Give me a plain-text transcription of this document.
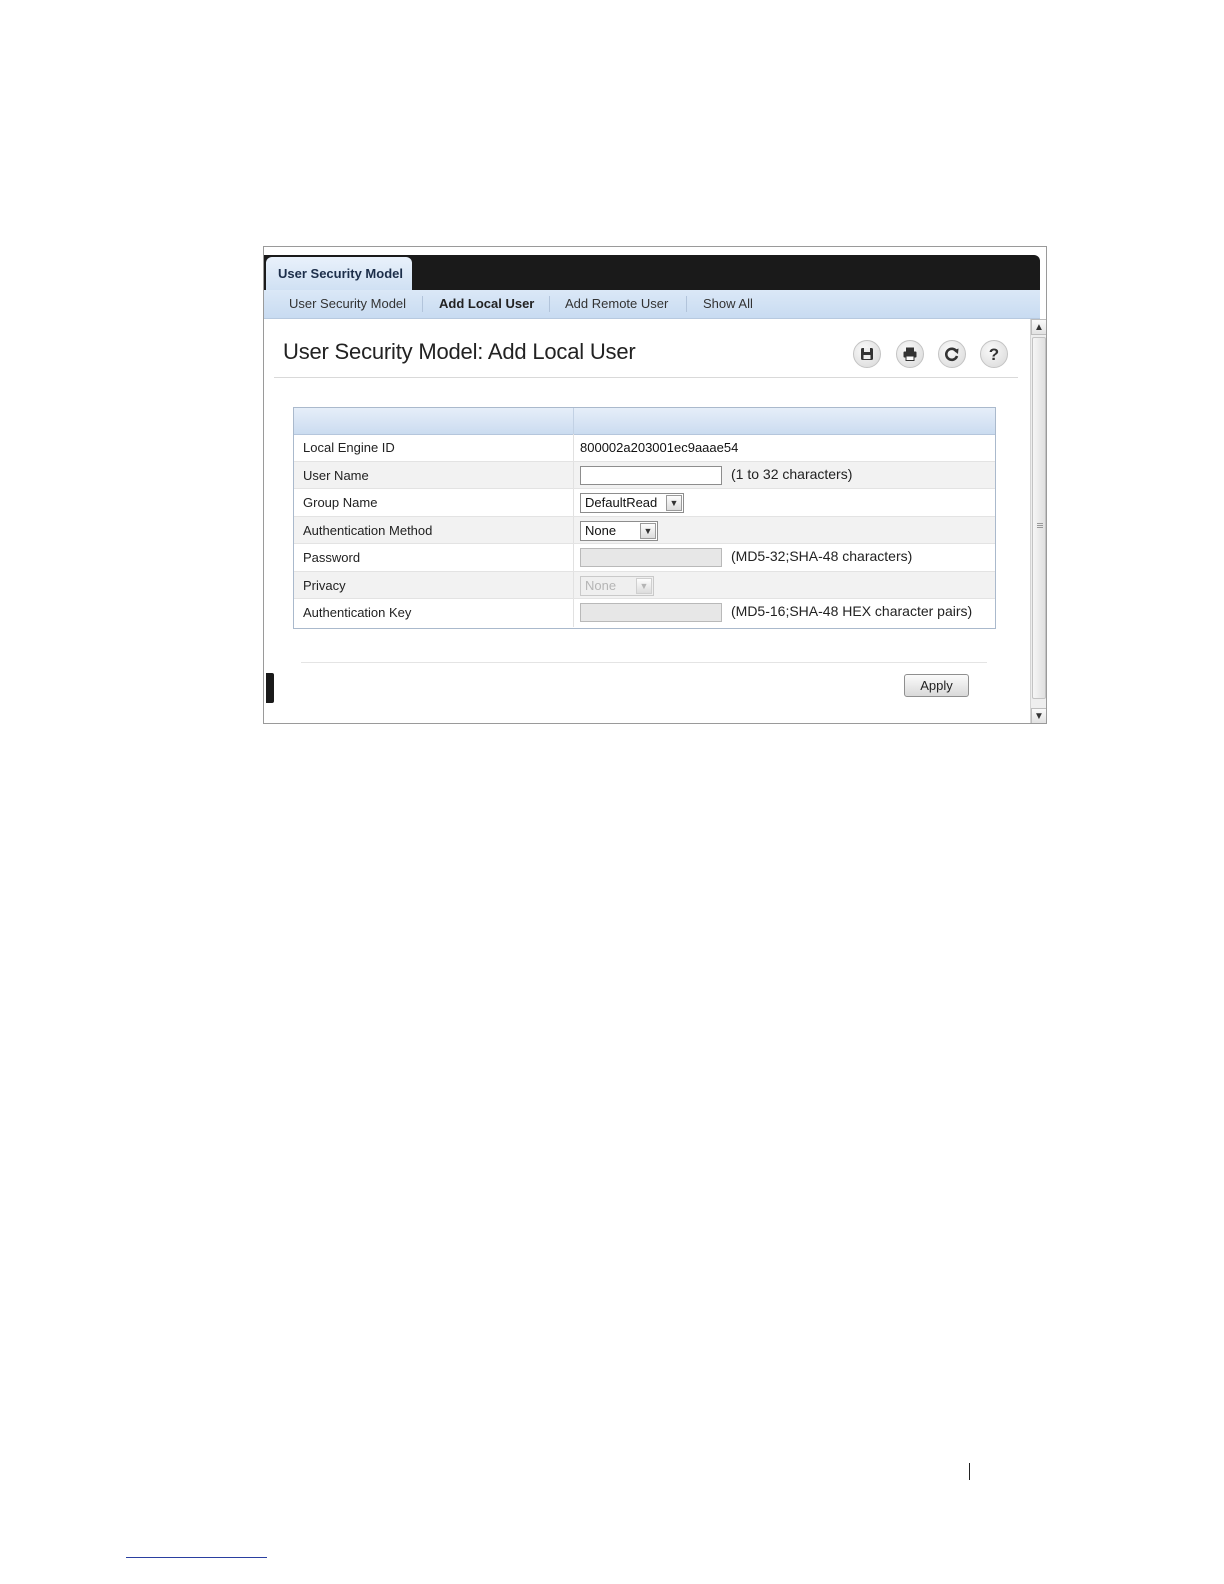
User Security Model
User Security Model	Add Local User Add Remote User	Show All
User Security Model: Add Local User	?
Local Engine ID	800002a203001ec9aaae54
User Name	(1 to 32 characters)
Group Name	DefaultRead	▼
Authentication Method	None	▼
Password	(MD5-32;SHA-48 characters)
Privacy	None	▼
Authentication Key	(MD5-16;SHA-48 HEX character pairs)
Apply
▲
▼
